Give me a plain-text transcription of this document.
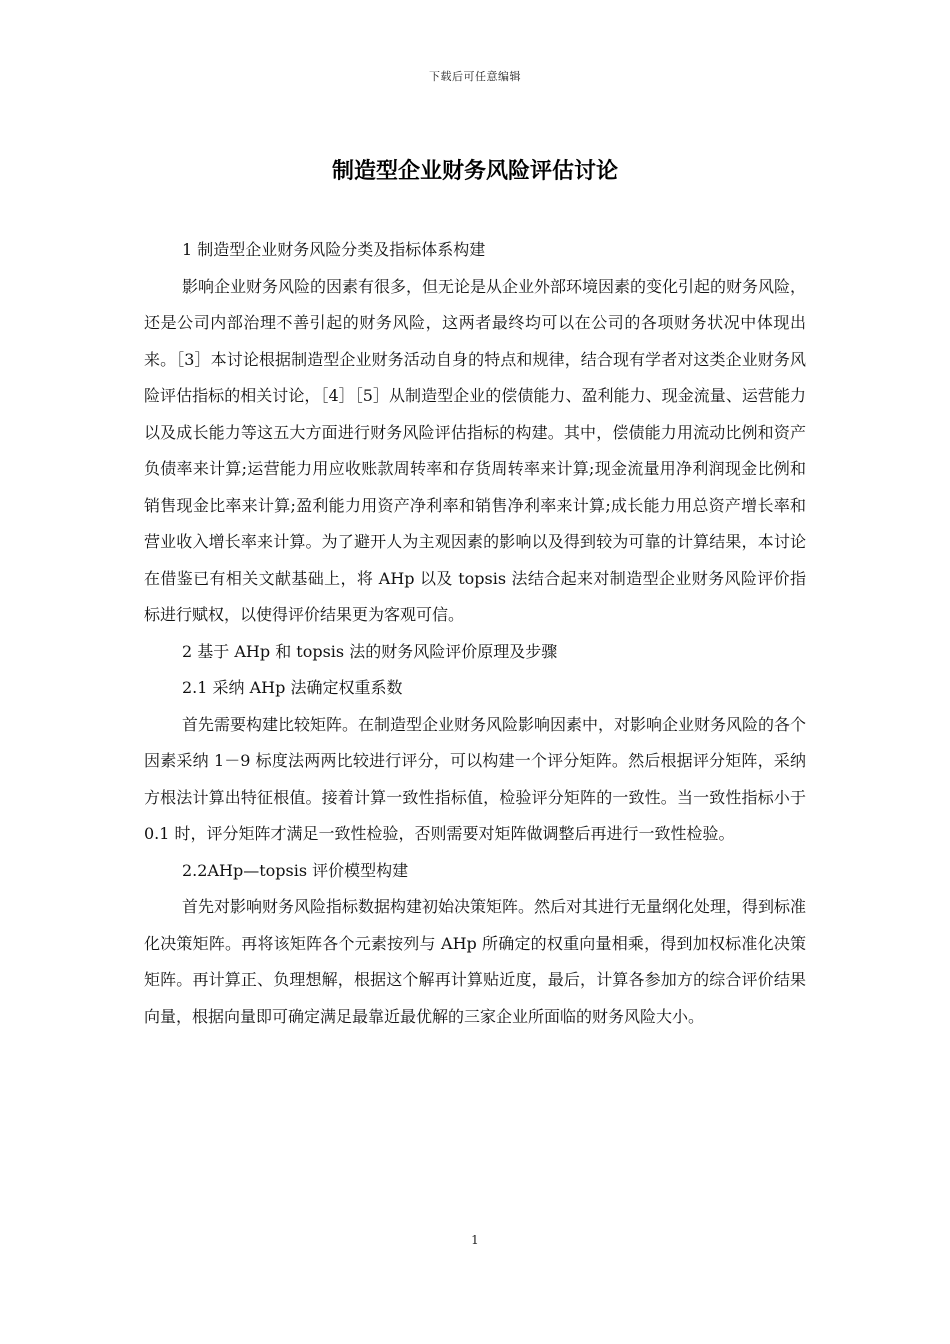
下载后可任意编辑
制造型企业财务风险评估讨论

1 制造型企业财务风险分类及指标体系构建

影响企业财务风险的因素有很多，但无论是从企业外部环境因素的变化引起的财务风险，还是公司内部治理不善引起的财务风险，这两者最终均可以在公司的各项财务状况中体现出来。［3］本讨论根据制造型企业财务活动自身的特点和规律，结合现有学者对这类企业财务风险评估指标的相关讨论，［4］［5］从制造型企业的偿债能力、盈利能力、现金流量、运营能力以及成长能力等这五大方面进行财务风险评估指标的构建。其中，偿债能力用流动比例和资产负债率来计算;运营能力用应收账款周转率和存货周转率来计算;现金流量用净利润现金比例和销售现金比率来计算;盈利能力用资产净利率和销售净利率来计算;成长能力用总资产增长率和营业收入增长率来计算。为了避开人为主观因素的影响以及得到较为可靠的计算结果，本讨论在借鉴已有相关文献基础上，将 AHp 以及 topsis 法结合起来对制造型企业财务风险评价指标进行赋权，以使得评价结果更为客观可信。

2 基于 AHp 和 topsis 法的财务风险评价原理及步骤

2.1 采纳 AHp 法确定权重系数

首先需要构建比较矩阵。在制造型企业财务风险影响因素中，对影响企业财务风险的各个因素采纳 1－9 标度法两两比较进行评分，可以构建一个评分矩阵。然后根据评分矩阵，采纳方根法计算出特征根值。接着计算一致性指标值，检验评分矩阵的一致性。当一致性指标小于 0.1 时，评分矩阵才满足一致性检验，否则需要对矩阵做调整后再进行一致性检验。

2.2AHp—topsis 评价模型构建

首先对影响财务风险指标数据构建初始决策矩阵。然后对其进行无量纲化处理，得到标准化决策矩阵。再将该矩阵各个元素按列与 AHp 所确定的权重向量相乘，得到加权标准化决策矩阵。再计算正、负理想解，根据这个解再计算贴近度，最后，计算各参加方的综合评价结果向量，根据向量即可确定满足最靠近最优解的三家企业所面临的财务风险大小。

1
